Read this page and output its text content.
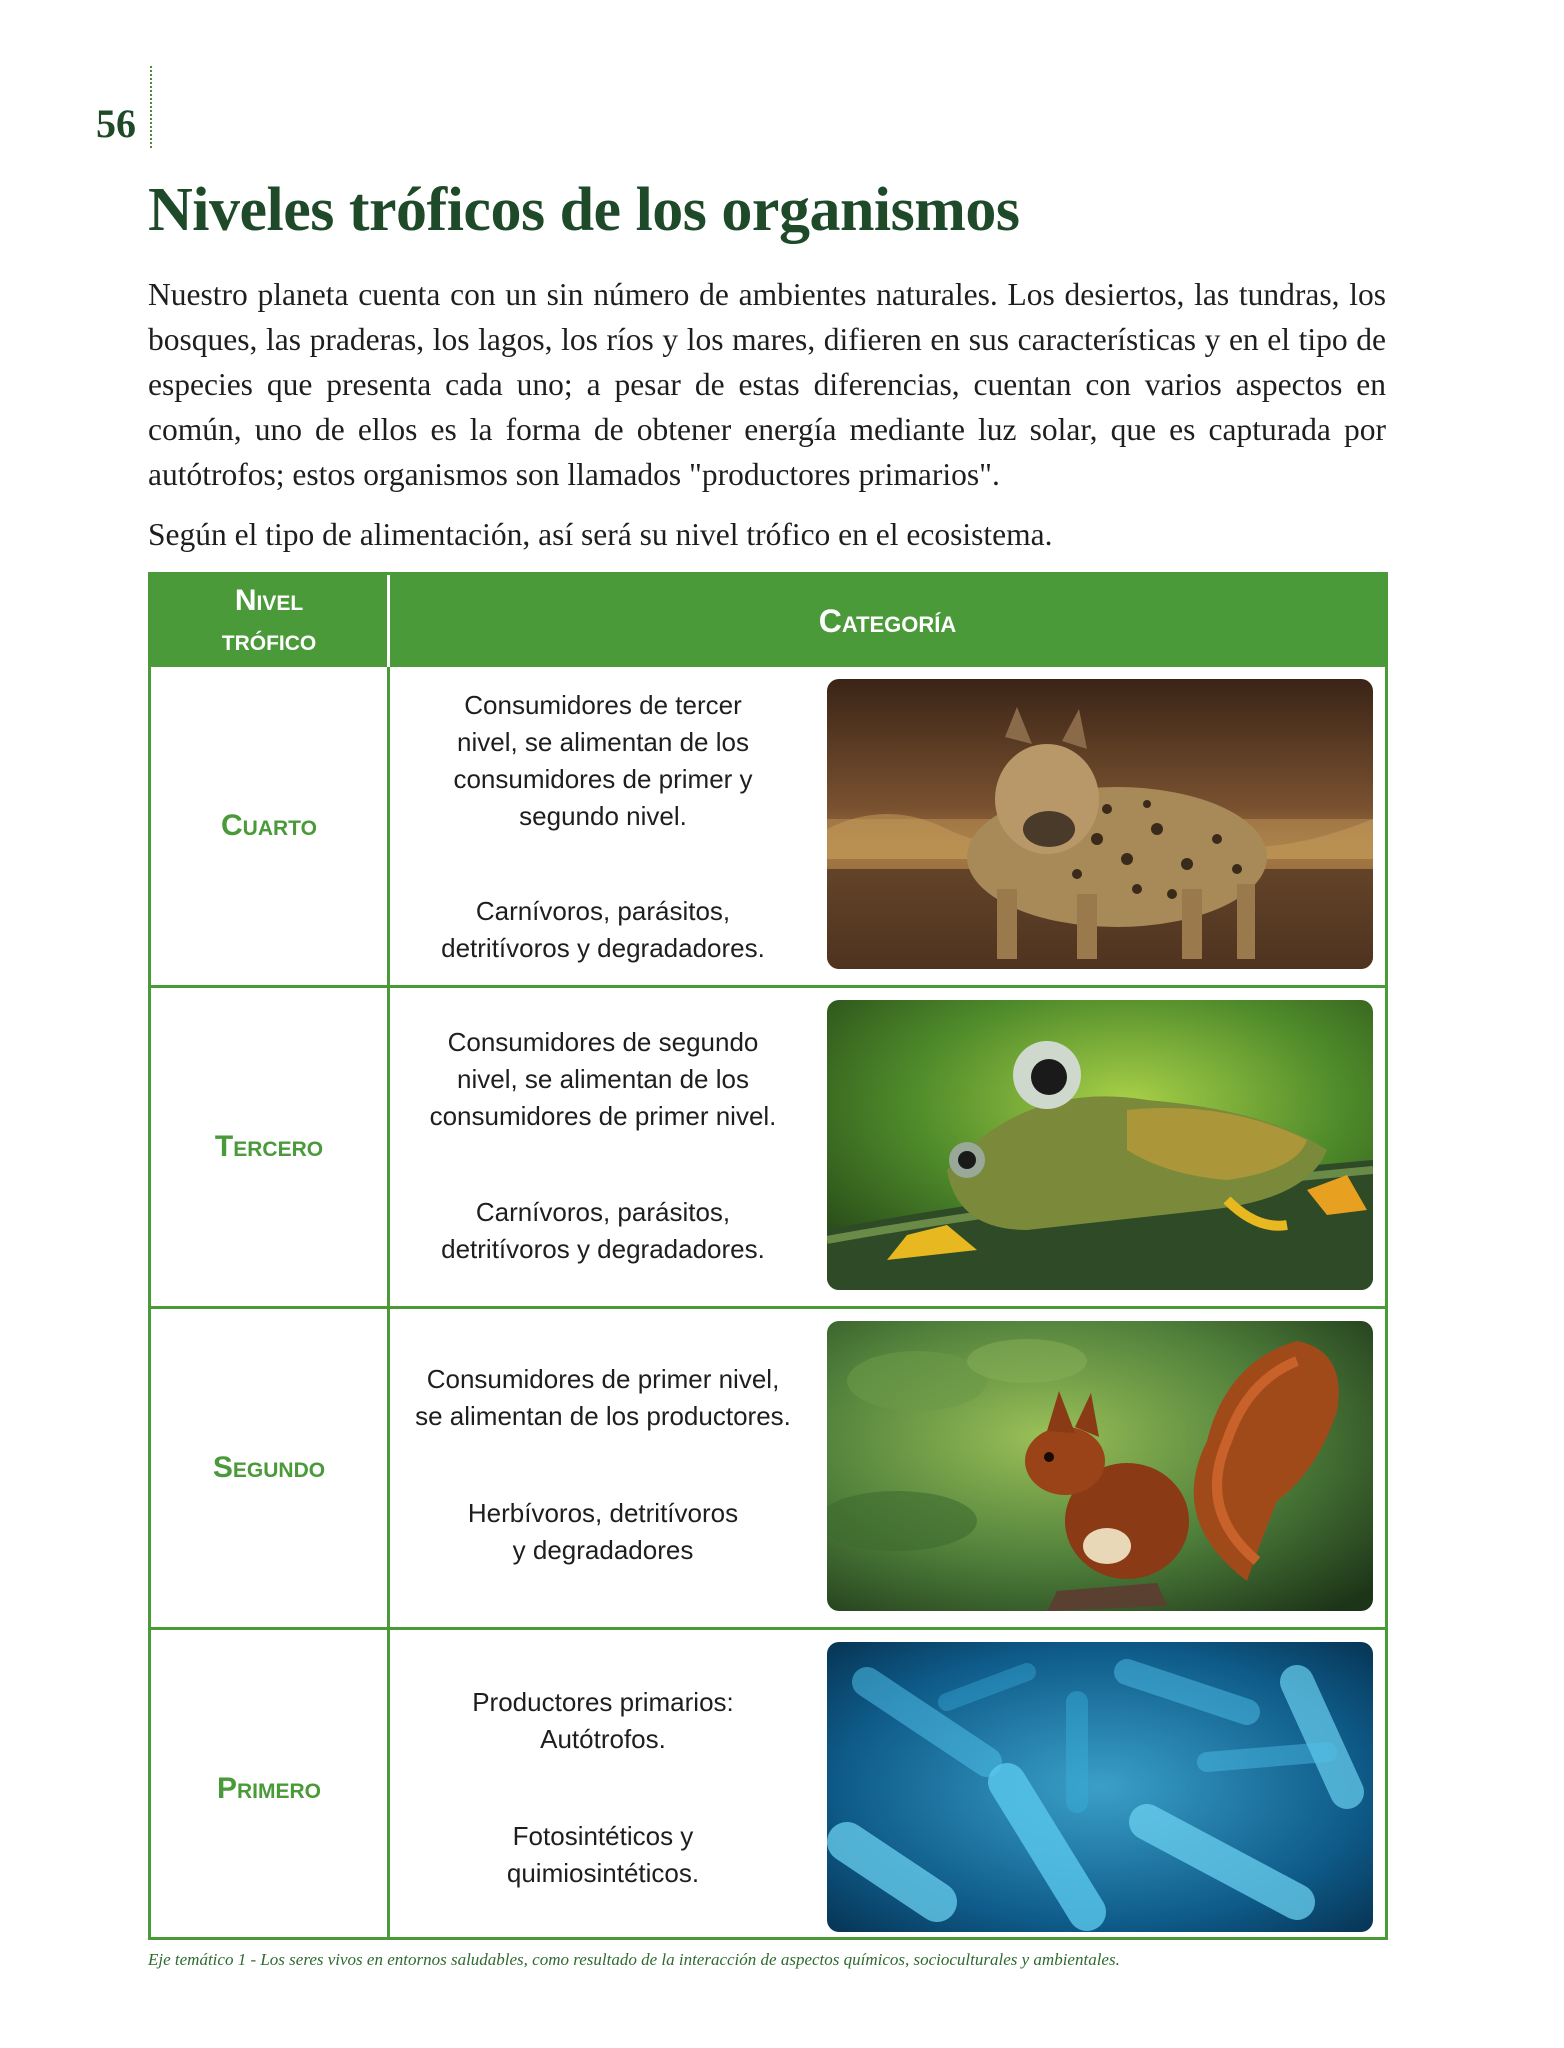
56
Niveles tróficos de los organismos

Nuestro planeta cuenta con un sin número de ambientes naturales. Los desiertos, las tundras, los bosques, las praderas, los lagos, los ríos y los mares, difieren en sus características y en el tipo de especies que presenta cada uno; a pesar de estas diferencias, cuentan con varios aspectos en común, uno de ellos es la forma de obtener energía mediante luz solar, que es capturada por autótrofos; estos organismos son llamados "productores primarios".

Según el tipo de alimentación, así será su nivel trófico en el ecosistema.

Nivel
trófico
Categoría
Cuarto
Consumidores de tercer
nivel, se alimentan de los
consumidores de primer y
segundo nivel.
Carnívoros, parásitos,
detritívoros y degradadores.
Tercero
Consumidores de segundo
nivel, se alimentan de los
consumidores de primer nivel.
Carnívoros, parásitos,
detritívoros y degradadores.
Segundo
Consumidores de primer nivel,
se alimentan de los productores.
Herbívoros, detritívoros
y degradadores
Primero
Productores primarios:
Autótrofos.
Fotosintéticos y
quimiosintéticos.

Eje temático 1 - Los seres vivos en entornos saludables, como resultado de la interacción de aspectos químicos, socioculturales y ambientales.
